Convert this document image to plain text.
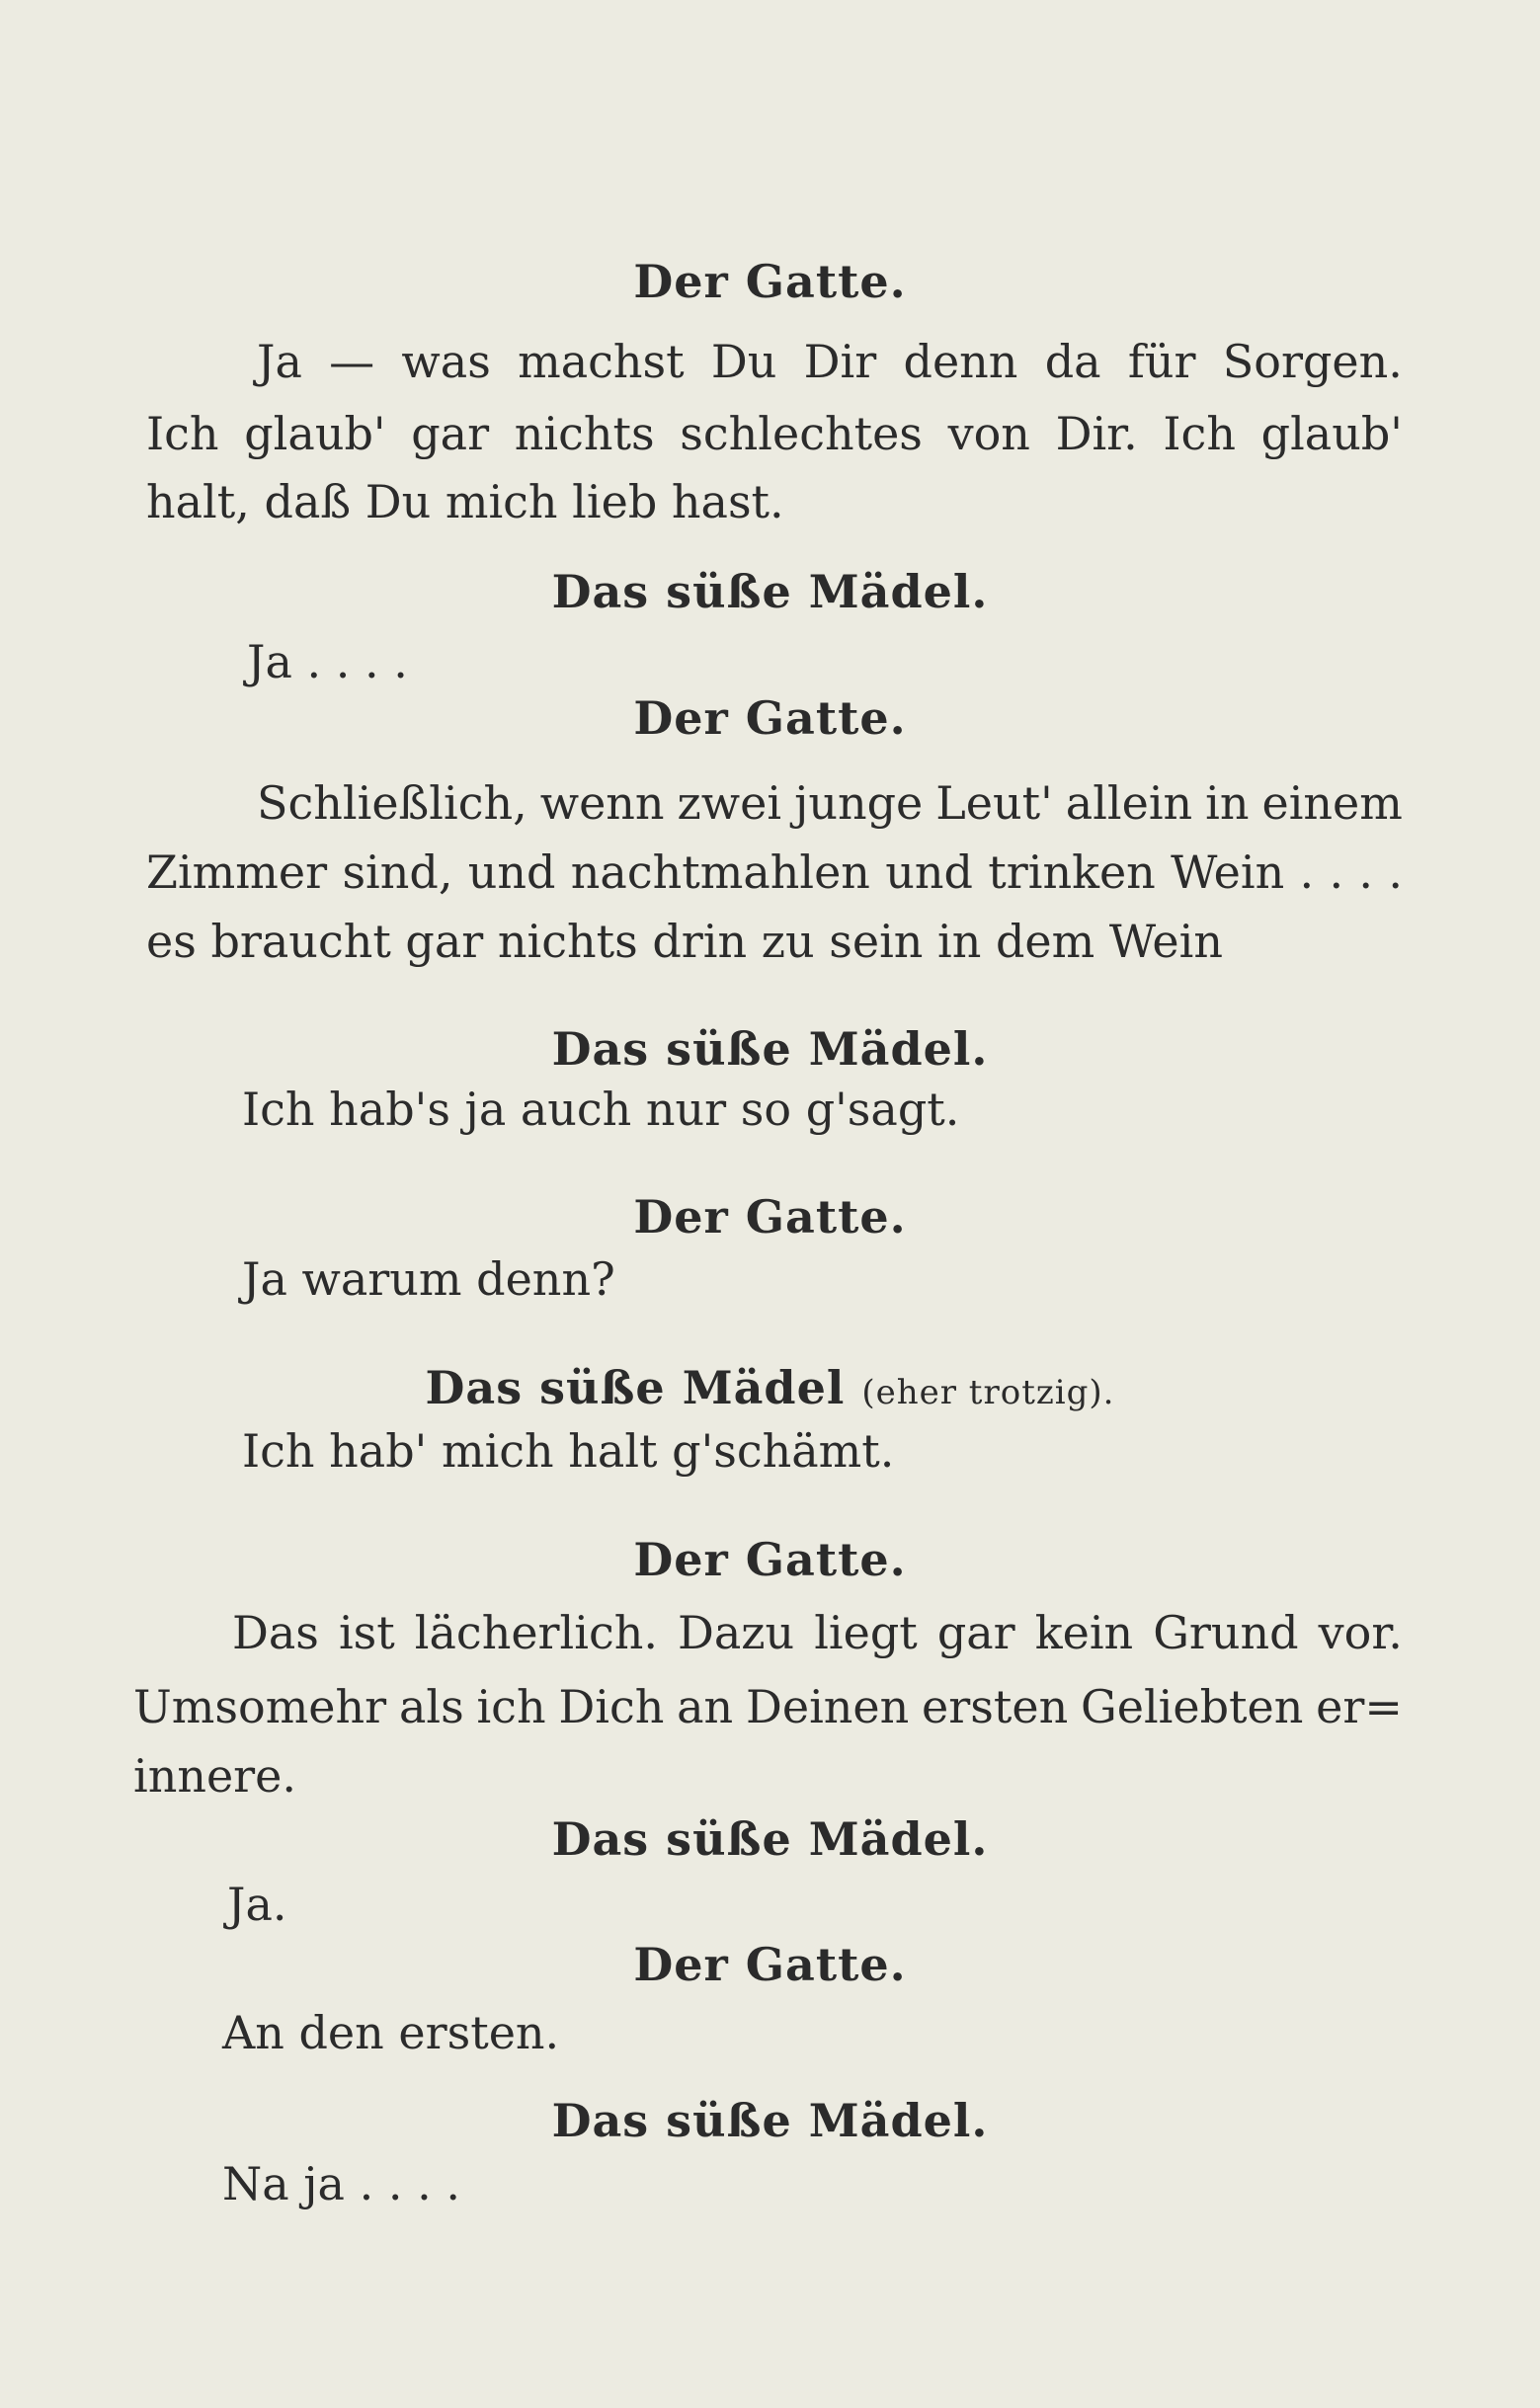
Der Gatte.
Ja — was machst Du Dir denn da für Sorgen.
Ich glaub' gar nichts schlechtes von Dir. Ich glaub'
halt, daß Du mich lieb hast.
Das süße Mädel.
Ja . . . .
Der Gatte.
Schließlich, wenn zwei junge Leut' allein in einem
Zimmer sind, und nachtmahlen und trinken Wein . . . .
es braucht gar nichts drin zu sein in dem Wein
Das süße Mädel.
Ich hab's ja auch nur so g'sagt.
Der Gatte.
Ja warum denn?
Das süße Mädel (eher trotzig).
Ich hab' mich halt g'schämt.
Der Gatte.
Das ist lächerlich. Dazu liegt gar kein Grund vor.
Umsomehr als ich Dich an Deinen ersten Geliebten er=
innere.
Das süße Mädel.
Ja.
Der Gatte.
An den ersten.
Das süße Mädel.
Na ja . . . .
